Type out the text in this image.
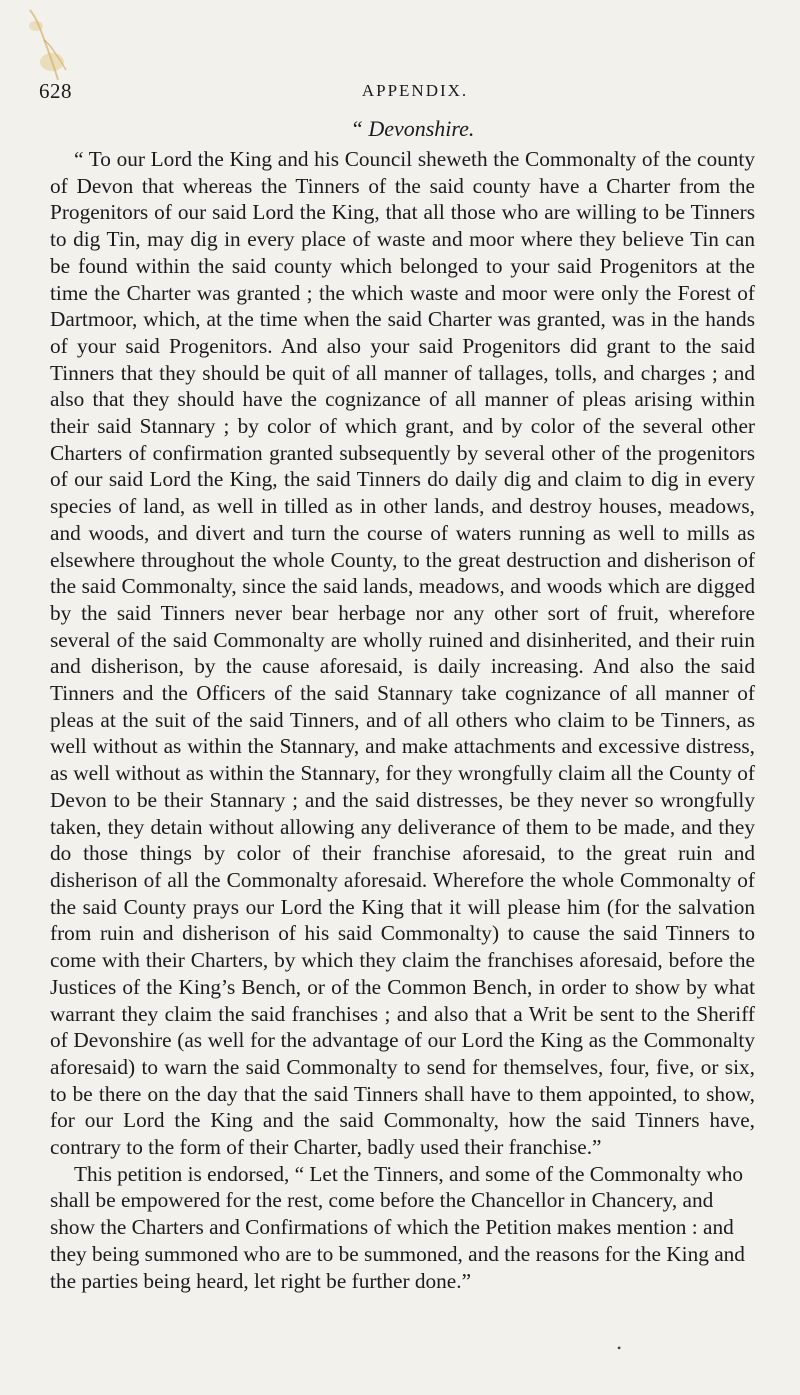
628	APPENDIX.
“ Devonshire.

“ To our Lord the King and his Council sheweth the Commonalty of the county of Devon that whereas the Tinners of the said county have a Charter from the Progenitors of our said Lord the King, that all those who are willing to be Tinners to dig Tin, may dig in every place of waste and moor where they believe Tin can be found within the said county which belonged to your said Progenitors at the time the Charter was granted ; the which waste and moor were only the Forest of Dartmoor, which, at the time when the said Charter was granted, was in the hands of your said Progenitors. And also your said Progenitors did grant to the said Tinners that they should be quit of all manner of tallages, tolls, and charges ; and also that they should have the cognizance of all manner of pleas arising within their said Stannary ; by color of which grant, and by color of the several other Charters of confirmation granted subsequently by several other of the progenitors of our said Lord the King, the said Tinners do daily dig and claim to dig in every species of land, as well in tilled as in other lands, and destroy houses, meadows, and woods, and divert and turn the course of waters running as well to mills as elsewhere throughout the whole County, to the great destruction and disherison of the said Commonalty, since the said lands, meadows, and woods which are digged by the said Tinners never bear herbage nor any other sort of fruit, wherefore several of the said Commonalty are wholly ruined and disinherited, and their ruin and disherison, by the cause aforesaid, is daily increasing. And also the said Tinners and the Officers of the said Stannary take cognizance of all manner of pleas at the suit of the said Tinners, and of all others who claim to be Tinners, as well without as within the Stannary, and make attachments and excessive distress, as well without as within the Stannary, for they wrongfully claim all the County of Devon to be their Stannary ; and the said distresses, be they never so wrongfully taken, they detain without allowing any deliverance of them to be made, and they do those things by color of their franchise aforesaid, to the great ruin and disherison of all the Commonalty aforesaid. Wherefore the whole Commonalty of the said County prays our Lord the King that it will please him (for the salvation from ruin and disherison of his said Commonalty) to cause the said Tinners to come with their Charters, by which they claim the franchises aforesaid, before the Justices of the King’s Bench, or of the Common Bench, in order to show by what warrant they claim the said franchises ; and also that a Writ be sent to the Sheriff of Devonshire (as well for the advantage of our Lord the King as the Commonalty aforesaid) to warn the said Commonalty to send for themselves, four, five, or six, to be there on the day that the said Tinners shall have to them appointed, to show, for our Lord the King and the said Commonalty, how the said Tinners have, contrary to the form of their Charter, badly used their franchise.”

This petition is endorsed, “ Let the Tinners, and some of the Commonalty who shall be empowered for the rest, come before the Chancellor in Chancery, and show the Charters and Confirmations of which the Petition makes mention : and they being summoned who are to be summoned, and the reasons for the King and the parties being heard, let right be further done.”

•
